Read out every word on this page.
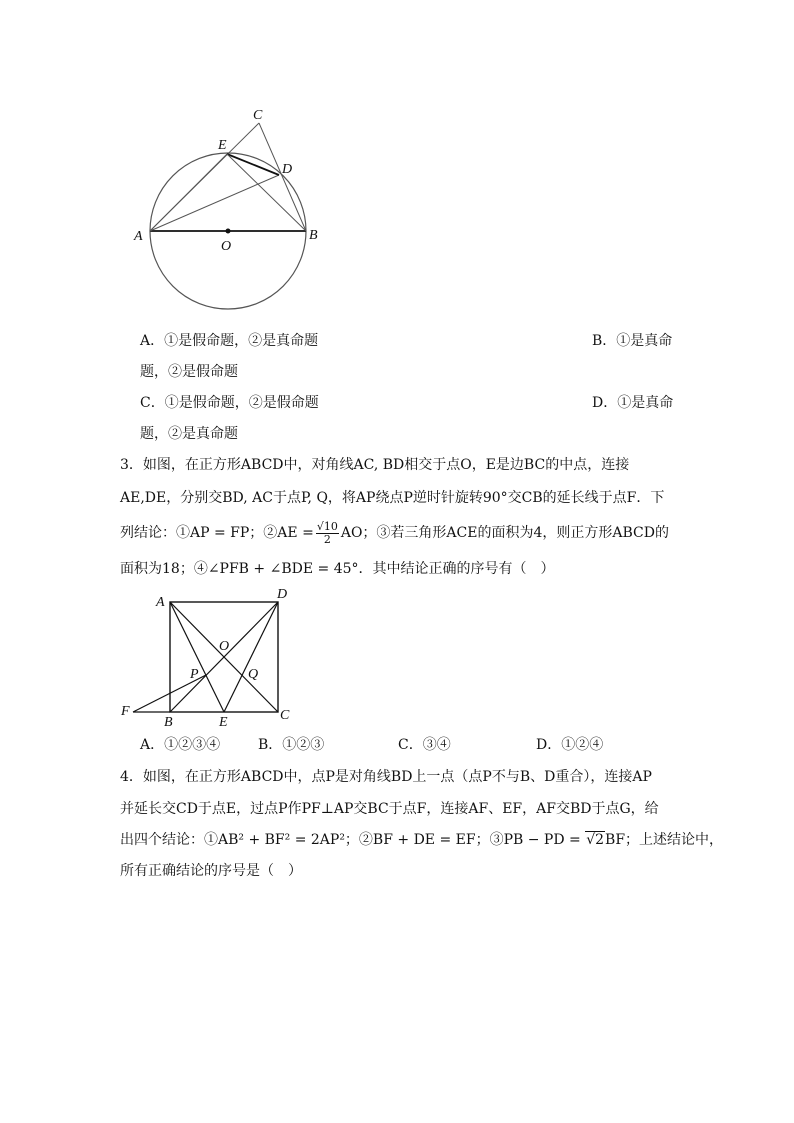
C
E
D
A	B
O
A．①是假命题，②是真命题	B．①是真命
题，②是假命题
C．①是假命题，②是假命题	D．①是真命
题，②是真命题
3．如图，在正方形ABCD中，对角线AC, BD相交于点O，E是边BC的中点，连接
AE,DE，分别交BD, AC于点P, Q，将AP绕点P逆时针旋转90°交CB的延长线于点F．下
列结论：①AP = FP；②AE = $\frac{√10}{2}$ AO；③若三角形ACE的面积为4，则正方形ABCD的
面积为18；④∠PFB + ∠BDE = 45°．其中结论正确的序号有（　）
A
D
O
P	Q
F
B	E	C
A．①②③④	B．①②③	C．③④	D．①②④
4．如图，在正方形ABCD中，点P是对角线BD上一点（点P不与B、D重合），连接AP
并延长交CD于点E，过点P作PF⊥AP交BC于点F，连接AF、EF，AF交BD于点G，给
出四个结论：①AB² + BF² = 2AP²；②BF + DE = EF；③PB − PD = √2BF；上述结论中，
所有正确结论的序号是（　）
